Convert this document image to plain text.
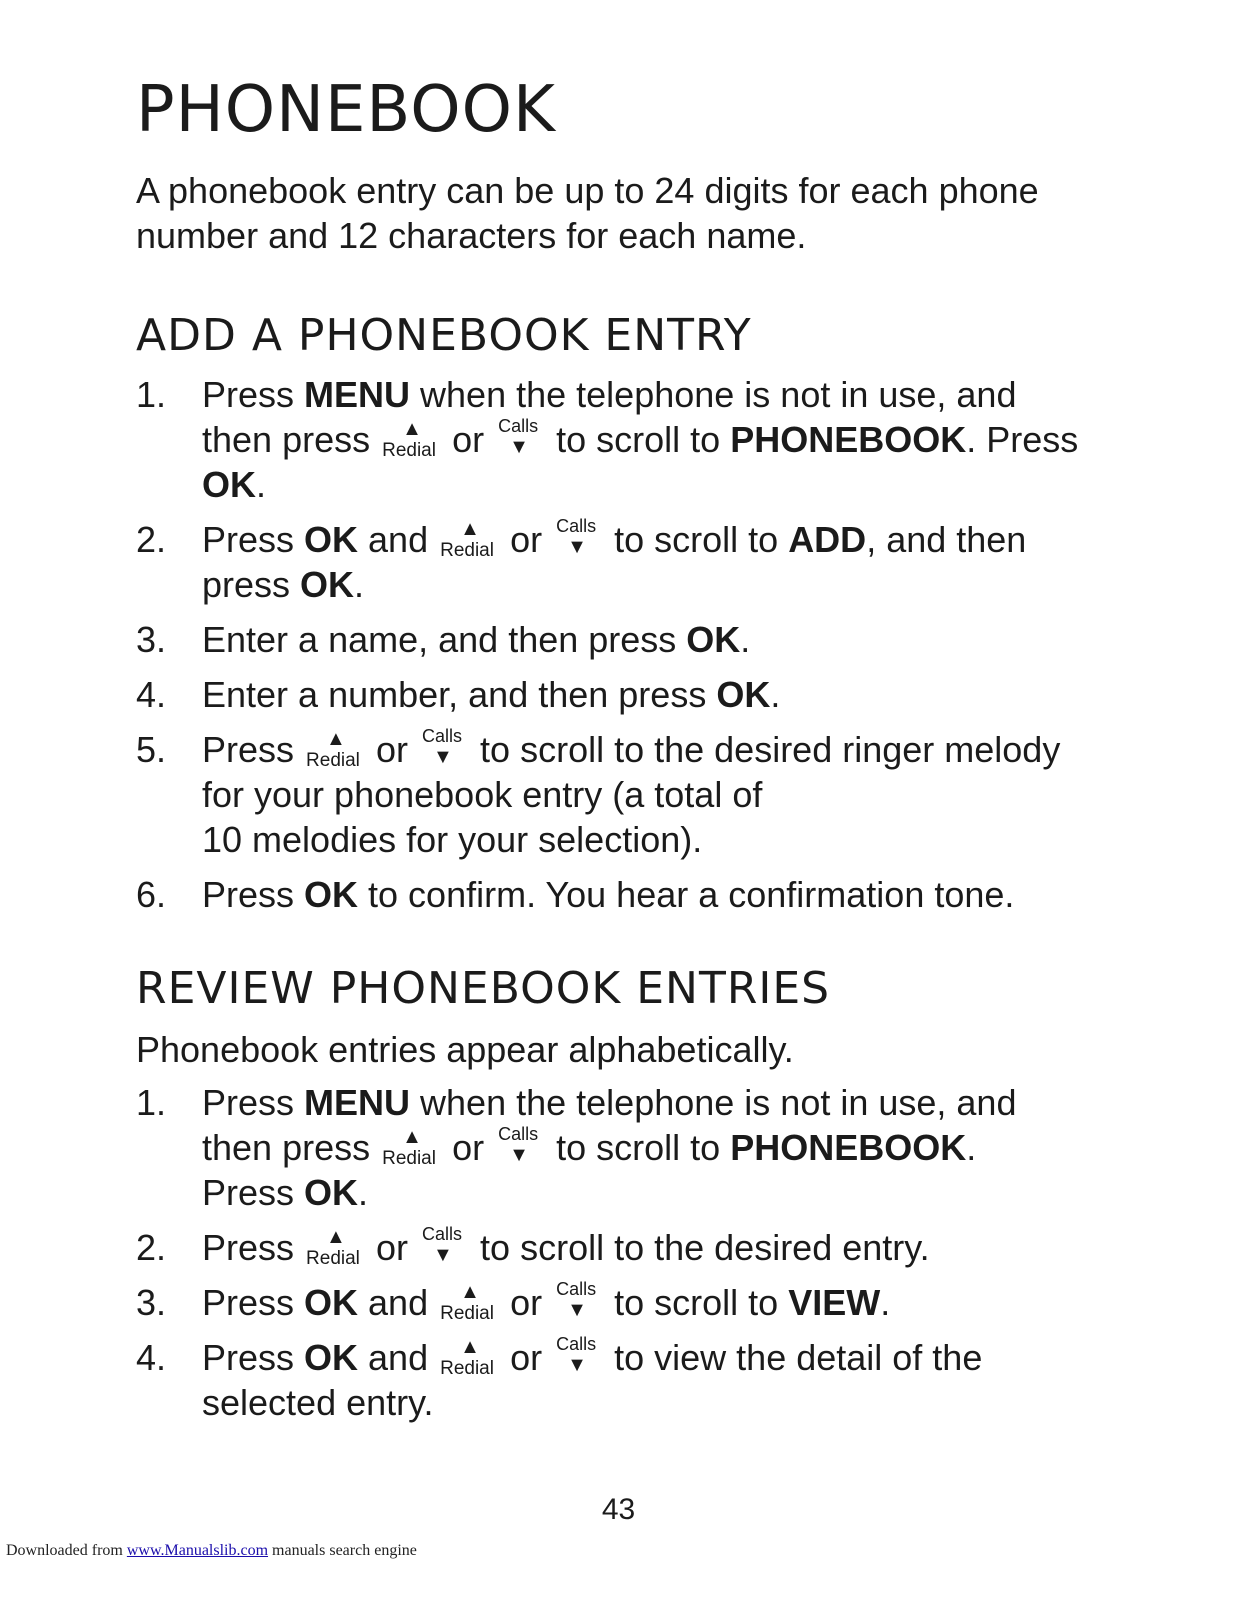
PHONEBOOK

A phonebook entry can be up to 24 digits for each phone number and 12 characters for each name.

ADD A PHONEBOOK ENTRY
1. Press MENU when the telephone is not in use, and then press ▲
Redial or Calls
▼ to scroll to PHONEBOOK. Press OK.
2. Press OK and ▲
Redial or Calls
▼ to scroll to ADD, and then press OK.
3. Enter a name, and then press OK.
4. Enter a number, and then press OK.
5. Press ▲
Redial or Calls
▼ to scroll to the desired ringer melody for your phonebook entry (a total of
10 melodies for your selection).
6. Press OK to confirm. You hear a confirmation tone.
REVIEW PHONEBOOK ENTRIES

Phonebook entries appear alphabetically.

1. Press MENU when the telephone is not in use, and then press ▲
Redial or Calls
▼ to scroll to PHONEBOOK.
Press OK.
2. Press ▲
Redial or Calls
▼ to scroll to the desired entry.
3. Press OK and ▲
Redial or Calls
▼ to scroll to VIEW.
4. Press OK and ▲
Redial or Calls
▼ to view the detail of the selected entry.
43
Downloaded from www.Manualslib.com manuals search engine
